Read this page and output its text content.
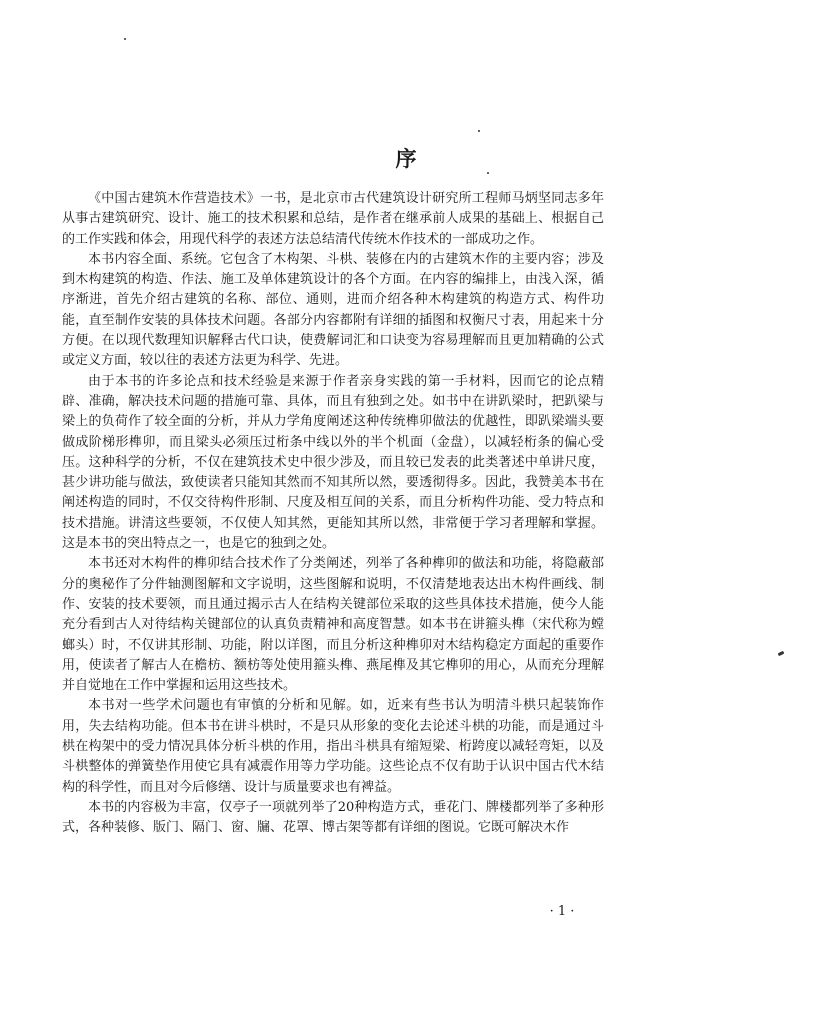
序

《中国古建筑木作营造技术》一书，是北京市古代建筑设计研究所工程师马炳坚同志多年从事古建筑研究、设计、施工的技术积累和总结，是作者在继承前人成果的基础上、根据自己的工作实践和体会，用现代科学的表述方法总结清代传统木作技术的一部成功之作。

本书内容全面、系统。它包含了木构架、斗栱、装修在内的古建筑木作的主要内容；涉及到木构建筑的构造、作法、施工及单体建筑设计的各个方面。在内容的编排上，由浅入深，循序渐进，首先介绍古建筑的名称、部位、通则，进而介绍各种木构建筑的构造方式、构件功能，直至制作安装的具体技术问题。各部分内容都附有详细的插图和权衡尺寸表，用起来十分方便。在以现代数理知识解释古代口诀，使费解词汇和口诀变为容易理解而且更加精确的公式或定义方面，较以往的表述方法更为科学、先进。

由于本书的许多论点和技术经验是来源于作者亲身实践的第一手材料，因而它的论点精辟、准确，解决技术问题的措施可靠、具体，而且有独到之处。如书中在讲趴梁时，把趴梁与梁上的负荷作了较全面的分析，并从力学角度阐述这种传统榫卯做法的优越性，即趴梁端头要做成阶梯形榫卯，而且梁头必须压过桁条中线以外的半个机面（金盘），以减轻桁条的偏心受压。这种科学的分析，不仅在建筑技术史中很少涉及，而且较已发表的此类著述中单讲尺度，甚少讲功能与做法，致使读者只能知其然而不知其所以然，要透彻得多。因此，我赞美本书在阐述构造的同时，不仅交待构件形制、尺度及相互间的关系，而且分析构件功能、受力特点和技术措施。讲清这些要领，不仅使人知其然，更能知其所以然，非常便于学习者理解和掌握。这是本书的突出特点之一，也是它的独到之处。

本书还对木构件的榫卯结合技术作了分类阐述，列举了各种榫卯的做法和功能，将隐蔽部分的奥秘作了分件轴测图解和文字说明，这些图解和说明，不仅清楚地表达出木构件画线、制作、安装的技术要领，而且通过揭示古人在结构关键部位采取的这些具体技术措施，使今人能充分看到古人对待结构关键部位的认真负责精神和高度智慧。如本书在讲箍头榫（宋代称为螳螂头）时，不仅讲其形制、功能，附以详图，而且分析这种榫卯对木结构稳定方面起的重要作用，使读者了解古人在檐枋、额枋等处使用箍头榫、燕尾榫及其它榫卯的用心，从而充分理解并自觉地在工作中掌握和运用这些技术。

本书对一些学术问题也有审慎的分析和见解。如，近来有些书认为明清斗栱只起装饰作用，失去结构功能。但本书在讲斗栱时，不是只从形象的变化去论述斗栱的功能，而是通过斗栱在构架中的受力情况具体分析斗栱的作用，指出斗栱具有缩短梁、桁跨度以减轻弯矩，以及斗栱整体的弹簧垫作用使它具有减震作用等力学功能。这些论点不仅有助于认识中国古代木结构的科学性，而且对今后修缮、设计与质量要求也有裨益。

本书的内容极为丰富，仅亭子一项就列举了20种构造方式，垂花门、牌楼都列举了多种形式，各种装修、版门、隔门、窗、牖、花罩、博古架等都有详细的图说。它既可解决木作

· 1 ·
